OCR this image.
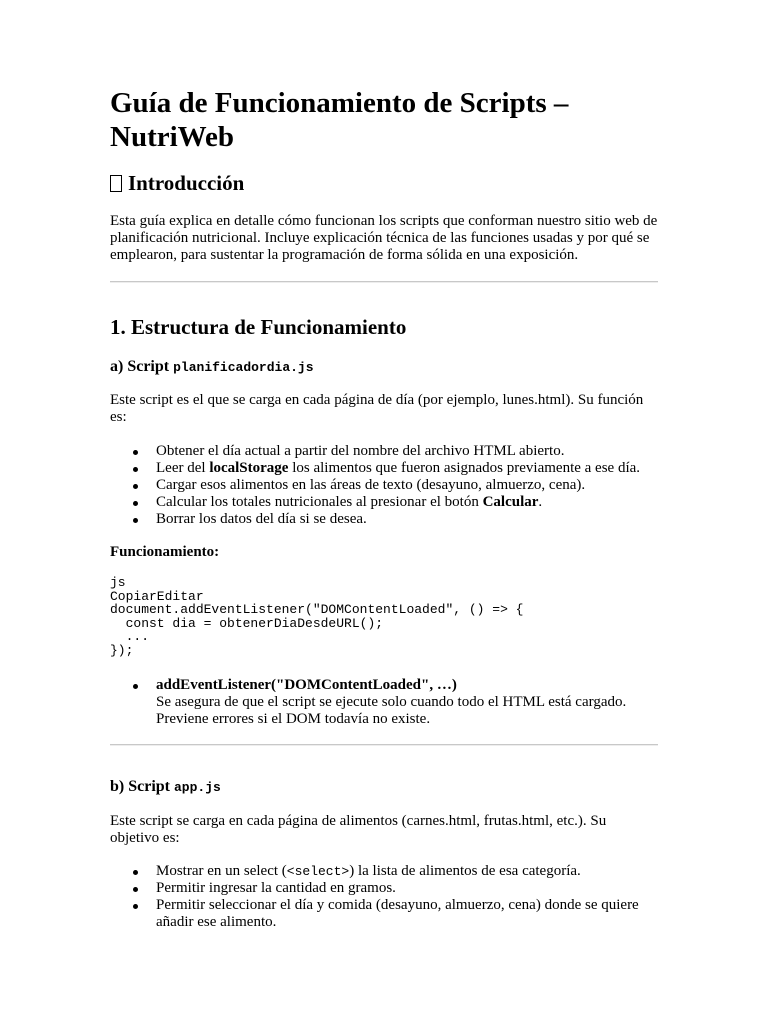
Guía de Funcionamiento de Scripts – NutriWeb
Introducción

Esta guía explica en detalle cómo funcionan los scripts que conforman nuestro sitio web de planificación nutricional. Incluye explicación técnica de las funciones usadas y por qué se emplearon, para sustentar la programación de forma sólida en una exposición.

1. Estructura de Funcionamiento
a) Script planificadordia.js

Este script es el que se carga en cada página de día (por ejemplo, lunes.html). Su función es:

Obtener el día actual a partir del nombre del archivo HTML abierto.
Leer del localStorage los alimentos que fueron asignados previamente a ese día.
Cargar esos alimentos en las áreas de texto (desayuno, almuerzo, cena).
Calcular los totales nutricionales al presionar el botón Calcular.
Borrar los datos del día si se desea.

Funcionamiento:

js
CopiarEditar
document.addEventListener("DOMContentLoaded", () => {
const dia = obtenerDiaDesdeURL();
...
});
addEventListener("DOMContentLoaded", …)
Se asegura de que el script se ejecute solo cuando todo el HTML está cargado. Previene errores si el DOM todavía no existe.
b) Script app.js

Este script se carga en cada página de alimentos (carnes.html, frutas.html, etc.). Su objetivo es:

Mostrar en un select (<select>) la lista de alimentos de esa categoría.
Permitir ingresar la cantidad en gramos.
Permitir seleccionar el día y comida (desayuno, almuerzo, cena) donde se quiere añadir ese alimento.
